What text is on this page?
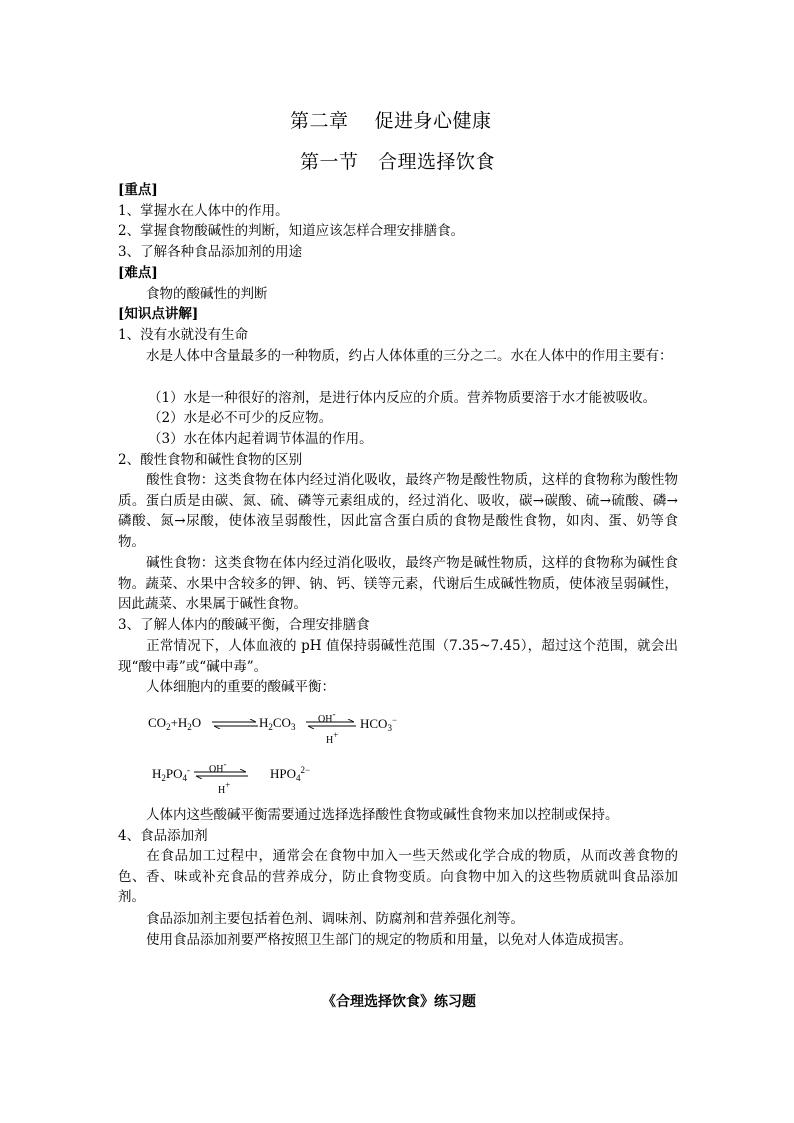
第二章　 促进身心健康
第一节　合理选择饮食
[重点]
1、掌握水在人体中的作用。
2、掌握食物酸碱性的判断，知道应该怎样合理安排膳食。
3、了解各种食品添加剂的用途
[难点]
食物的酸碱性的判断
[知识点讲解]
1、没有水就没有生命
水是人体中含量最多的一种物质，约占人体体重的三分之二。水在人体中的作用主要有：
（1）水是一种很好的溶剂，是进行体内反应的介质。营养物质要溶于水才能被吸收。
（2）水是必不可少的反应物。
（3）水在体内起着调节体温的作用。
2、酸性食物和碱性食物的区别
酸性食物：这类食物在体内经过消化吸收，最终产物是酸性物质，这样的食物称为酸性物质。蛋白质是由碳、氮、硫、磷等元素组成的，经过消化、吸收，碳→碳酸、硫→硫酸、磷→磷酸、氮→尿酸，使体液呈弱酸性，因此富含蛋白质的食物是酸性食物，如肉、蛋、奶等食物。
碱性食物：这类食物在体内经过消化吸收，最终产物是碱性物质，这样的食物称为碱性食物。蔬菜、水果中含较多的钾、钠、钙、镁等元素，代谢后生成碱性物质，使体液呈弱碱性，因此蔬菜、水果属于碱性食物。
3、了解人体内的酸碱平衡，合理安排膳食
正常情况下，人体血液的 pH 值保持弱碱性范围（7.35~7.45），超过这个范围，就会出现“酸中毒”或“碱中毒”。
人体细胞内的重要的酸碱平衡：
$CO_2+H_2O$	$H_2CO_3$
OH-
H+
$HCO_3^-$
$H_2PO_4^-$ OH-
H+
$HPO_4^{2-}$
人体内这些酸碱平衡需要通过选择选择酸性食物或碱性食物来加以控制或保持。
4、食品添加剂
在食品加工过程中，通常会在食物中加入一些天然或化学合成的物质，从而改善食物的色、香、味或补充食品的营养成分，防止食物变质。向食物中加入的这些物质就叫食品添加剂。
食品添加剂主要包括着色剂、调味剂、防腐剂和营养强化剂等。
使用食品添加剂要严格按照卫生部门的规定的物质和用量，以免对人体造成损害。
《合理选择饮食》练习题
